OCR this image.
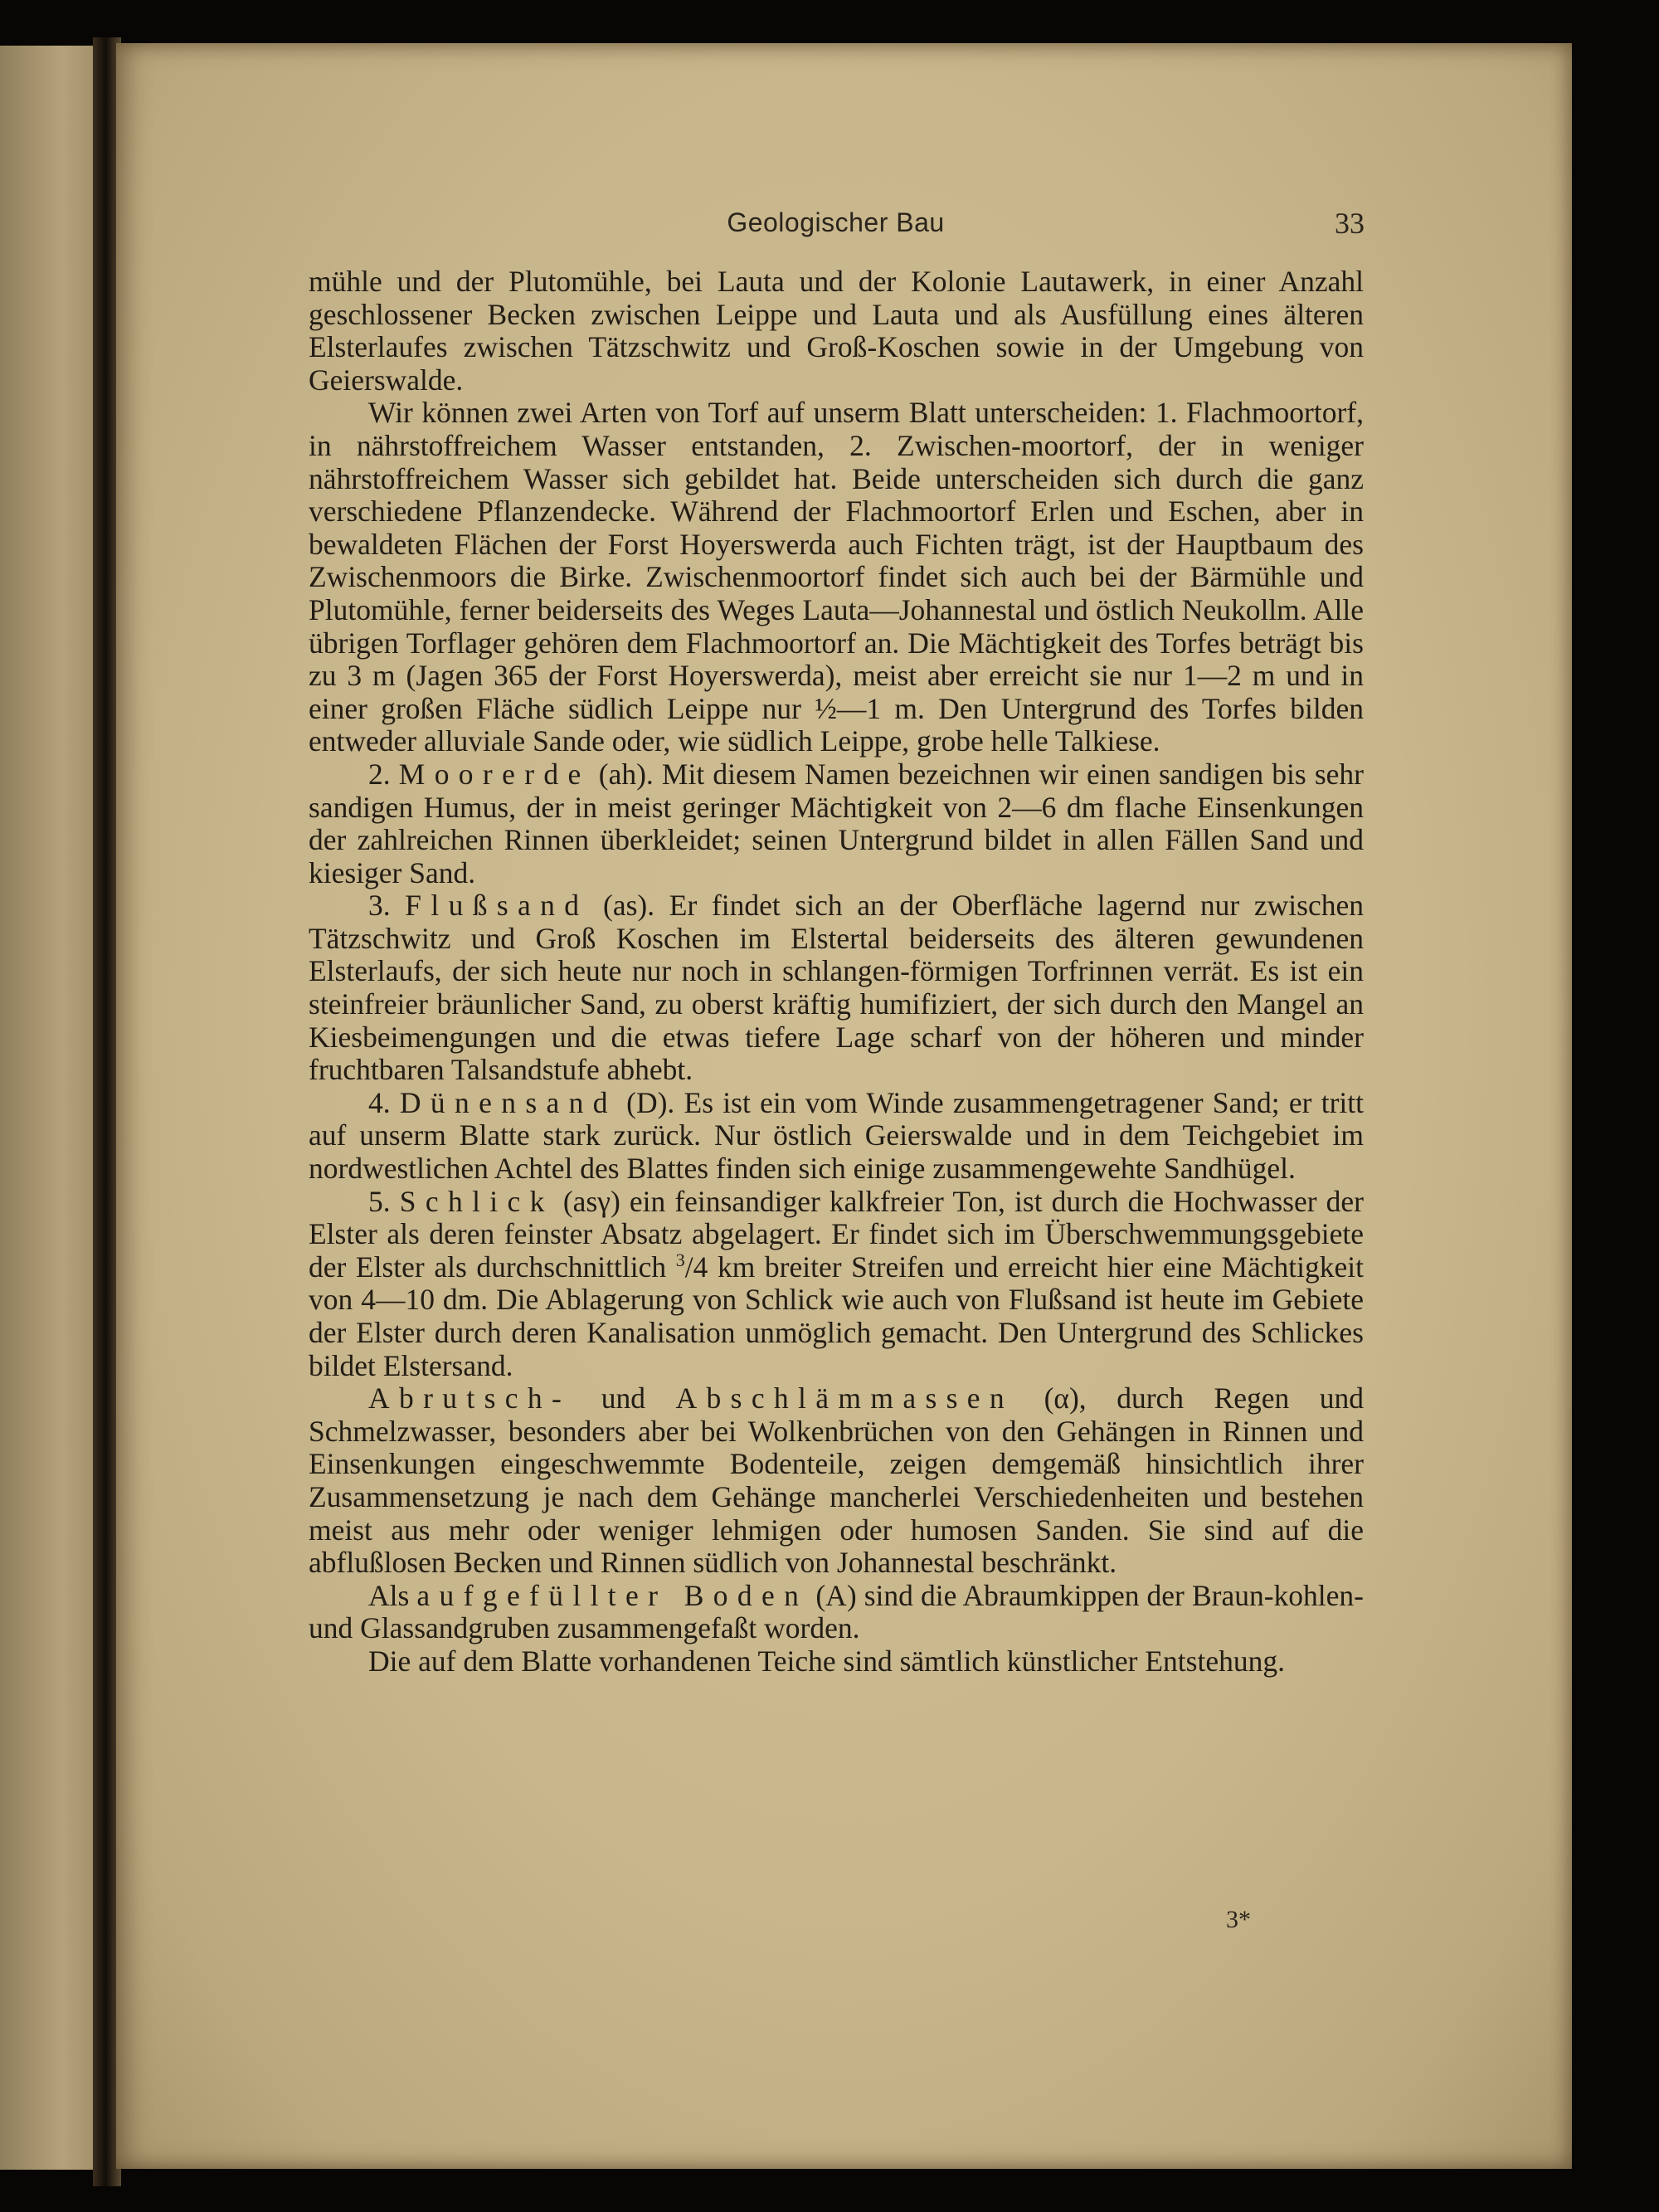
Geologischer Bau	33

mühle und der Plutomühle, bei Lauta und der Kolonie Lautawerk, in einer Anzahl geschlossener Becken zwischen Leippe und Lauta und als Ausfüllung eines älteren Elsterlaufes zwischen Tätzschwitz und Groß-Koschen sowie in der Umgebung von Geierswalde.

Wir können zwei Arten von Torf auf unserm Blatt unterscheiden: 1. Flachmoortorf, in nährstoffreichem Wasser entstanden, 2. Zwischen-moortorf, der in weniger nährstoffreichem Wasser sich gebildet hat. Beide unterscheiden sich durch die ganz verschiedene Pflanzendecke. Während der Flachmoortorf Erlen und Eschen, aber in bewaldeten Flächen der Forst Hoyerswerda auch Fichten trägt, ist der Hauptbaum des Zwischenmoors die Birke. Zwischenmoortorf findet sich auch bei der Bärmühle und Plutomühle, ferner beiderseits des Weges Lauta—Johannestal und östlich Neukollm. Alle übrigen Torflager gehören dem Flachmoortorf an. Die Mächtigkeit des Torfes beträgt bis zu 3 m (Jagen 365 der Forst Hoyerswerda), meist aber erreicht sie nur 1—2 m und in einer großen Fläche südlich Leippe nur ½—1 m. Den Untergrund des Torfes bilden entweder alluviale Sande oder, wie südlich Leippe, grobe helle Talkiese.

2. Moorerde (ah). Mit diesem Namen bezeichnen wir einen sandigen bis sehr sandigen Humus, der in meist geringer Mächtigkeit von 2—6 dm flache Einsenkungen der zahlreichen Rinnen überkleidet; seinen Untergrund bildet in allen Fällen Sand und kiesiger Sand.

3. Flußsand (as). Er findet sich an der Oberfläche lagernd nur zwischen Tätzschwitz und Groß Koschen im Elstertal beiderseits des älteren gewundenen Elsterlaufs, der sich heute nur noch in schlangen-förmigen Torfrinnen verrät. Es ist ein steinfreier bräunlicher Sand, zu oberst kräftig humifiziert, der sich durch den Mangel an Kiesbeimengungen und die etwas tiefere Lage scharf von der höheren und minder fruchtbaren Talsandstufe abhebt.

4. Dünensand (D). Es ist ein vom Winde zusammengetragener Sand; er tritt auf unserm Blatte stark zurück. Nur östlich Geierswalde und in dem Teichgebiet im nordwestlichen Achtel des Blattes finden sich einige zusammengewehte Sandhügel.

5. Schlick (asγ) ein feinsandiger kalkfreier Ton, ist durch die Hochwasser der Elster als deren feinster Absatz abgelagert. Er findet sich im Überschwemmungsgebiete der Elster als durchschnittlich $^3$/4 km breiter Streifen und erreicht hier eine Mächtigkeit von 4—10 dm. Die Ablagerung von Schlick wie auch von Flußsand ist heute im Gebiete der Elster durch deren Kanalisation unmöglich gemacht. Den Untergrund des Schlickes bildet Elstersand.

Abrutsch- und Abschlämmassen (α), durch Regen und Schmelzwasser, besonders aber bei Wolkenbrüchen von den Gehängen in Rinnen und Einsenkungen eingeschwemmte Bodenteile, zeigen demgemäß hinsichtlich ihrer Zusammensetzung je nach dem Gehänge mancherlei Verschiedenheiten und bestehen meist aus mehr oder weniger lehmigen oder humosen Sanden. Sie sind auf die abflußlosen Becken und Rinnen südlich von Johannestal beschränkt.

Als aufgefüllter Boden (A) sind die Abraumkippen der Braun-kohlen- und Glassandgruben zusammengefaßt worden.

Die auf dem Blatte vorhandenen Teiche sind sämtlich künstlicher Entstehung.

3*
